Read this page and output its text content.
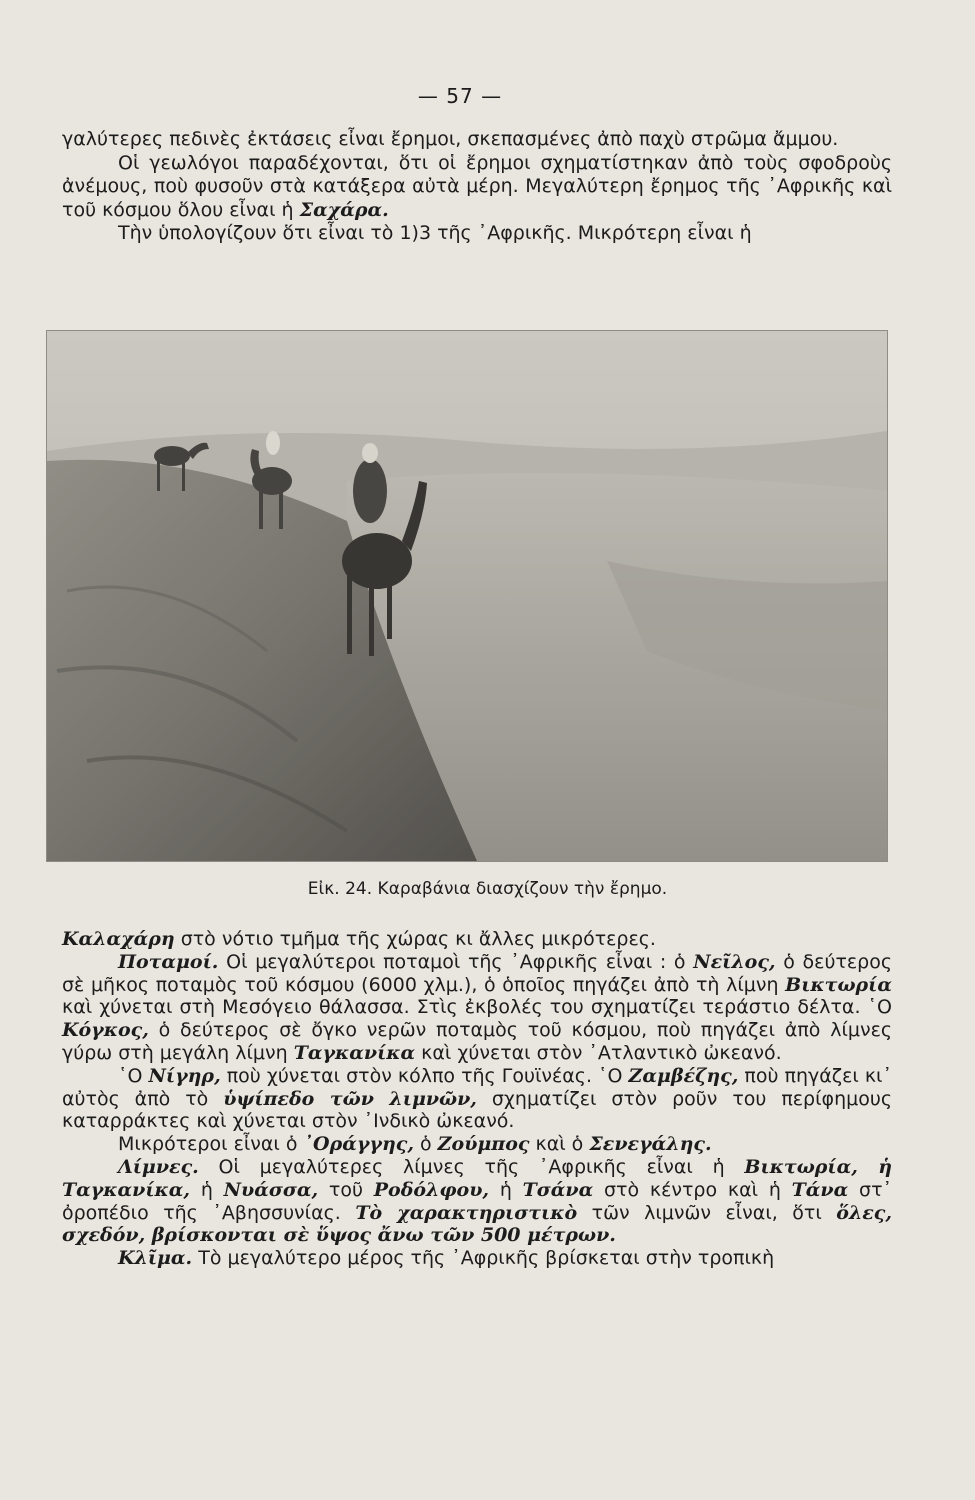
— 57 —

γαλύτερες πεδινὲς ἐκτάσεις εἶναι ἔρημοι, σκεπασμένες ἀπὸ παχὺ στρῶμα ἄμμου.

Οἱ γεωλόγοι παραδέχονται, ὅτι οἱ ἔρημοι σχηματίστηκαν ἀπὸ τοὺς σφοδροὺς ἀνέμους, ποὺ φυσοῦν στὰ κατάξερα αὐτὰ μέρη. Μεγαλύτερη ἔρημος τῆς ᾿Αφρικῆς καὶ τοῦ κόσμου ὅλου εἶναι ἡ Σαχάρα.

Τὴν ὑπολογίζουν ὅτι εἶναι τὸ 1)3 τῆς ᾿Αφρικῆς. Μικρότερη εἶναι ἡ

Εἰκ. 24. Καραβάνια διασχίζουν τὴν ἔρημο.

Καλαχάρη στὸ νότιο τμῆμα τῆς χώρας κι ἄλλες μικρότερες.

Ποταμοί. Οἱ μεγαλύτεροι ποταμοὶ τῆς ᾿Αφρικῆς εἶναι : ὁ Νεῖλος, ὁ δεύτερος σὲ μῆκος ποταμὸς τοῦ κόσμου (6000 χλμ.), ὁ ὁποῖος πηγάζει ἀπὸ τὴ λίμνη Βικτωρία καὶ χύνεται στὴ Μεσόγειο θάλασσα. Στὶς ἐκβολές του σχηματίζει τεράστιο δέλτα. ῾Ο Κόγκος, ὁ δεύτερος σὲ ὄγκο νερῶν ποταμὸς τοῦ κόσμου, ποὺ πηγάζει ἀπὸ λίμνες γύρω στὴ μεγάλη λίμνη Ταγκανίκα καὶ χύνεται στὸν ᾿Ατλαντικὸ ὠκεανό.

῾Ο Νίγηρ, ποὺ χύνεται στὸν κόλπο τῆς Γουϊνέας. ῾Ο Ζαμβέζης, ποὺ πηγάζει κι᾿ αὐτὸς ἀπὸ τὸ ὑψίπεδο τῶν λιμνῶν, σχηματίζει στὸν ροῦν του περίφημους καταρράκτες καὶ χύνεται στὸν ᾿Ινδικὸ ὠκεανό.

Μικρότεροι εἶναι ὁ ᾿Οράγγης, ὁ Ζούμπος καὶ ὁ Σενεγάλης.

Λίμνες. Οἱ μεγαλύτερες λίμνες τῆς ᾿Αφρικῆς εἶναι ἡ Βικτωρία, ἡ Ταγκανίκα, ἡ Νυάσσα, τοῦ Ροδόλφου, ἡ Τσάνα στὸ κέντρο καὶ ἡ Τάνα στ᾿ ὀροπέδιο τῆς ᾿Αβησσυνίας. Τὸ χαρακτηριστικὸ τῶν λιμνῶν εἶναι, ὅτι ὅλες, σχεδόν, βρίσκονται σὲ ὕψος ἄνω τῶν 500 μέτρων.

Κλῖμα. Τὸ μεγαλύτερο μέρος τῆς ᾿Αφρικῆς βρίσκεται στὴν τροπικὴ
